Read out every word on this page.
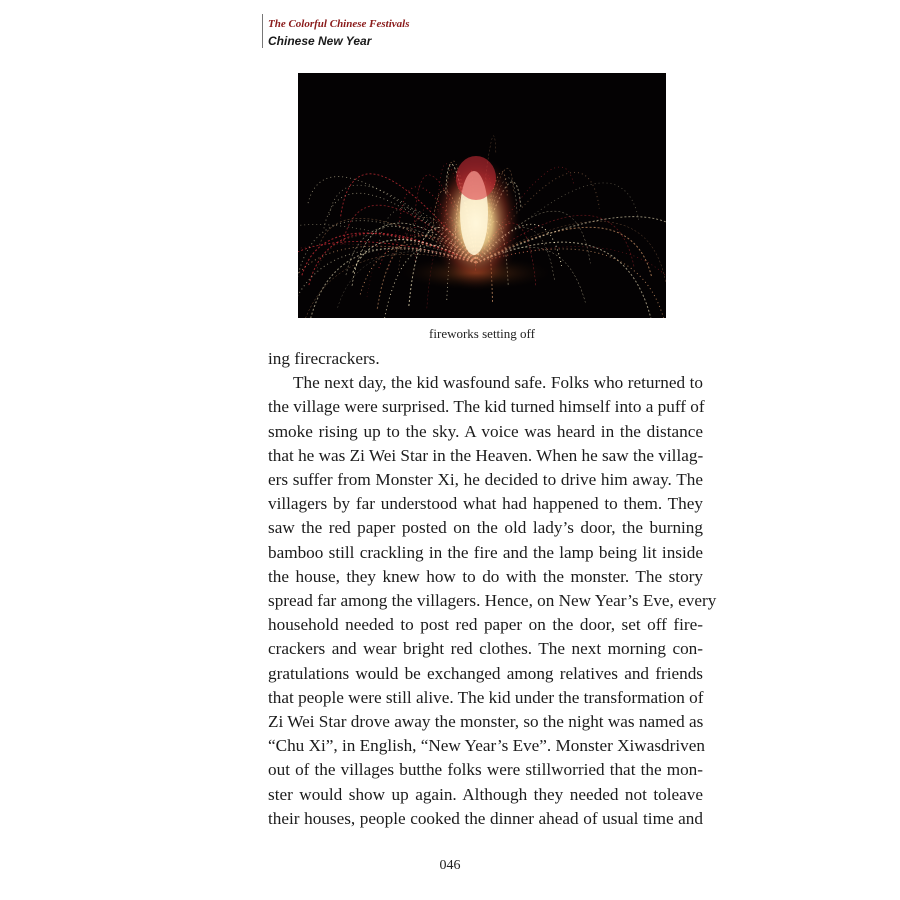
The Colorful Chinese Festivals
Chinese New Year
fireworks setting off
ing firecrackers.
The next day, the kid wasfound safe. Folks who returned to
the village were surprised. The kid turned himself into a puff of
smoke rising up to the sky. A voice was heard in the distance
that he was Zi Wei Star in the Heaven. When he saw the villag-
ers suffer from Monster Xi, he decided to drive him away. The
villagers by far understood what had happened to them. They
saw the red paper posted on the old lady’s door, the burning
bamboo still crackling in the fire and the lamp being lit inside
the house, they knew how to do with the monster. The story
spread far among the villagers. Hence, on New Year’s Eve, every
household needed to post red paper on the door, set off fire-
crackers and wear bright red clothes. The next morning con-
gratulations would be exchanged among relatives and friends
that people were still alive. The kid under the transformation of
Zi Wei Star drove away the monster, so the night was named as
“Chu Xi”, in English, “New Year’s Eve”. Monster Xiwasdriven
out of the villages butthe folks were stillworried that the mon-
ster would show up again. Although they needed not toleave
their houses, people cooked the dinner ahead of usual time and
046
